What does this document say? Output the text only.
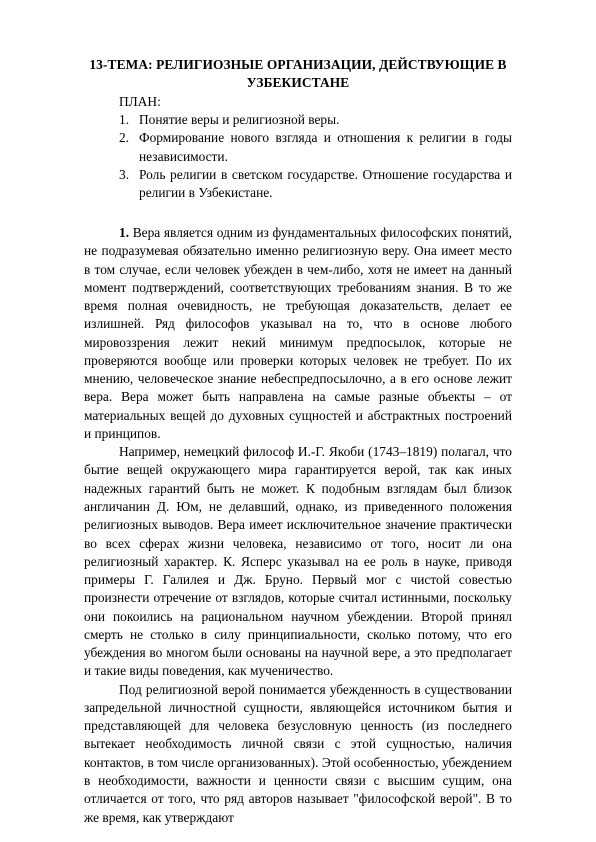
13-ТЕМА: РЕЛИГИОЗНЫЕ ОРГАНИЗАЦИИ, ДЕЙСТВУЮЩИЕ В УЗБЕКИСТАНЕ
ПЛАН:
1. Понятие веры и религиозной веры.
2. Формирование нового взгляда и отношения к религии в годы независимости.
3. Роль религии в светском государстве. Отношение государства и религии в Узбекистане.

1. Вера является одним из фундаментальных философских понятий, не подразумевая обязательно именно религиозную веру. Она имеет место в том случае, если человек убежден в чем-либо, хотя не имеет на данный момент подтверждений, соответствующих требованиям знания. В то же время полная очевидность, не требующая доказательств, делает ее излишней. Ряд философов указывал на то, что в основе любого мировоззрения лежит некий минимум предпосылок, которые не проверяются вообще или проверки которых человек не требует. По их мнению, человеческое знание небеспредпосылочно, а в его основе лежит вера. Вера может быть направлена на самые разные объекты – от материальных вещей до духовных сущностей и абстрактных построений и принципов.

Например, немецкий философ И.-Г. Якоби (1743–1819) полагал, что бытие вещей окружающего мира гарантируется верой, так как иных надежных гарантий быть не может. К подобным взглядам был близок англичанин Д. Юм, не делавший, однако, из приведенного положения религиозных выводов. Вера имеет исключительное значение практически во всех сферах жизни человека, независимо от того, носит ли она религиозный характер. К. Ясперс указывал на ее роль в науке, приводя примеры Г. Галилея и Дж. Бруно. Первый мог с чистой совестью произнести отречение от взглядов, которые считал истинными, поскольку они покоились на рациональном научном убеждении. Второй принял смерть не столько в силу принципиальности, сколько потому, что его убеждения во многом были основаны на научной вере, а это предполагает и такие виды поведения, как мученичество.

Под религиозной верой понимается убежденность в существовании запредельной личностной сущности, являющейся источником бытия и представляющей для человека безусловную ценность (из последнего вытекает необходимость личной связи с этой сущностью, наличия контактов, в том числе организованных). Этой особенностью, убеждением в необходимости, важности и ценности связи с высшим сущим, она отличается от того, что ряд авторов называет "философской верой". В то же время, как утверждают
